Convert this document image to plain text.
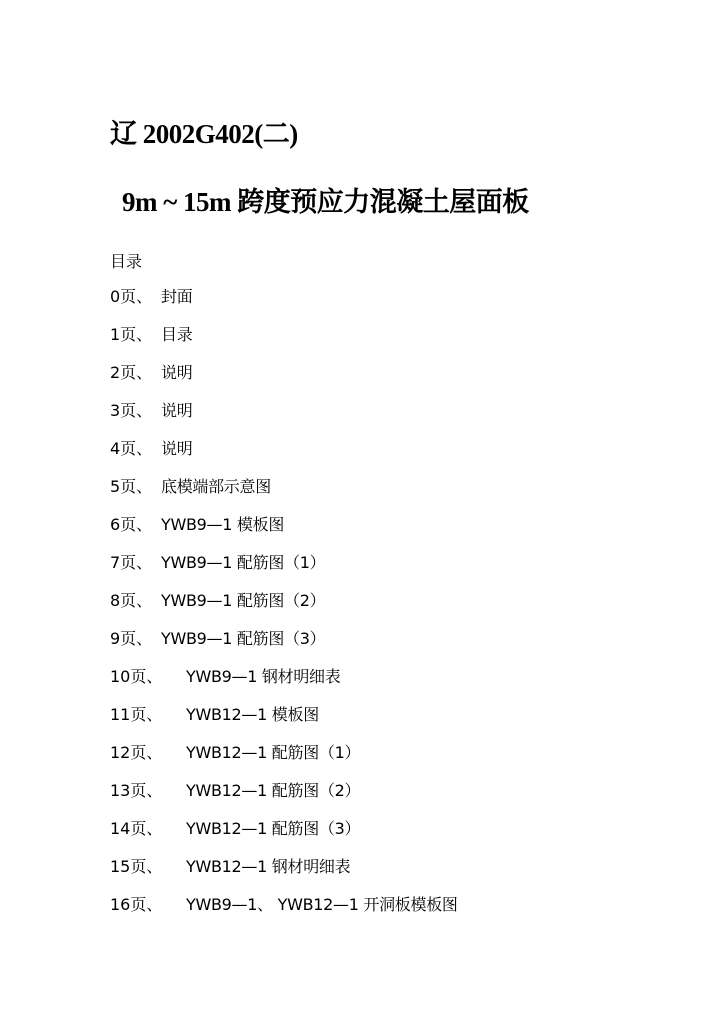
辽 2002G402(二)
9m ~ 15m 跨度预应力混凝土屋面板
目录
0页、 封面
1页、 目录
2页、 说明
3页、 说明
4页、 说明
5页、 底模端部示意图
6页、 YWB9—1 模板图
7页、 YWB9—1 配筋图（1）
8页、 YWB9—1 配筋图（2）
9页、 YWB9—1 配筋图（3）
10页、 YWB9—1 钢材明细表
11页、 YWB12—1 模板图
12页、 YWB12—1 配筋图（1）
13页、 YWB12—1 配筋图（2）
14页、 YWB12—1 配筋图（3）
15页、 YWB12—1 钢材明细表
16页、 YWB9—1、 YWB12—1 开洞板模板图
